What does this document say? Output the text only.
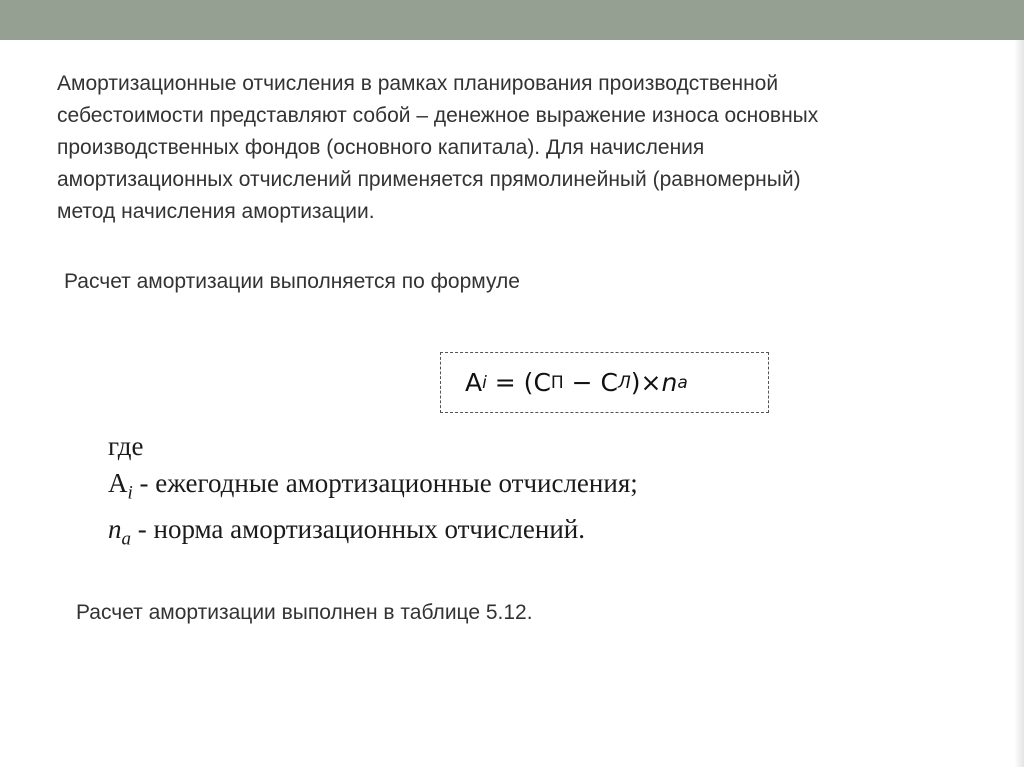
Амортизационные отчисления в рамках планирования производственной
себестоимости представляют собой – денежное выражение износа основных
производственных фондов (основного капитала). Для начисления
амортизационных отчислений применяется прямолинейный (равномерный)
метод начисления амортизации.
Расчет амортизации выполняется по формуле
А i = (С П − С Л )× n a
где
$А_i$ - ежегодные амортизационные отчисления;
$n_a$ - норма амортизационных отчислений.
Расчет амортизации выполнен в таблице 5.12.
